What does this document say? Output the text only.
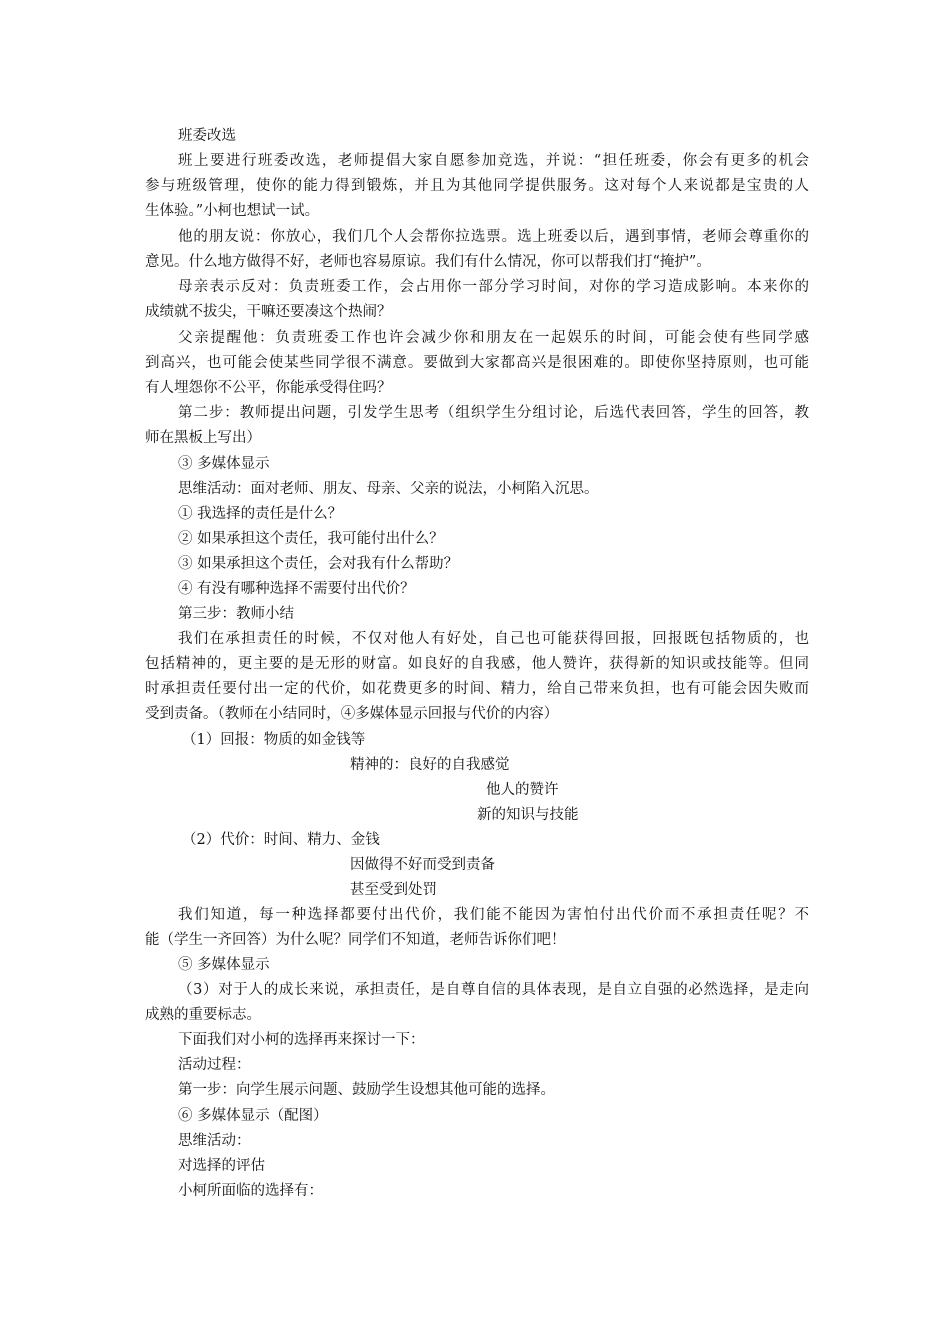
班委改选
班上要进行班委改选，老师提倡大家自愿参加竞选，并说：“担任班委，你会有更多的机会
参与班级管理，使你的能力得到锻炼，并且为其他同学提供服务。这对每个人来说都是宝贵的人
生体验。”小柯也想试一试。
他的朋友说：你放心，我们几个人会帮你拉选票。选上班委以后，遇到事情，老师会尊重你的
意见。什么地方做得不好，老师也容易原谅。我们有什么情况，你可以帮我们打“掩护”。
母亲表示反对：负责班委工作，会占用你一部分学习时间，对你的学习造成影响。本来你的
成绩就不拔尖，干嘛还要凑这个热闹？
父亲提醒他：负责班委工作也许会减少你和朋友在一起娱乐的时间，可能会使有些同学感
到高兴，也可能会使某些同学很不满意。要做到大家都高兴是很困难的。即使你坚持原则，也可能
有人埋怨你不公平，你能承受得住吗？
第二步：教师提出问题，引发学生思考（组织学生分组讨论，后选代表回答，学生的回答，教
师在黑板上写出）
③ 多媒体显示
思维活动：面对老师、朋友、母亲、父亲的说法，小柯陷入沉思。
① 我选择的责任是什么？
② 如果承担这个责任，我可能付出什么？
③ 如果承担这个责任，会对我有什么帮助？
④ 有没有哪种选择不需要付出代价？
第三步：教师小结
我们在承担责任的时候，不仅对他人有好处，自己也可能获得回报，回报既包括物质的，也
包括精神的，更主要的是无形的财富。如良好的自我感，他人赞许，获得新的知识或技能等。但同
时承担责任要付出一定的代价，如花费更多的时间、精力，给自己带来负担，也有可能会因失败而
受到责备。（教师在小结同时，④多媒体显示回报与代价的内容）
（1）回报：物质的如金钱等
精神的：良好的自我感觉
他人的赞许
新的知识与技能
（2）代价：时间、精力、金钱
因做得不好而受到责备
甚至受到处罚
我们知道，每一种选择都要付出代价，我们能不能因为害怕付出代价而不承担责任呢？不
能（学生一齐回答）为什么呢？同学们不知道，老师告诉你们吧！
⑤ 多媒体显示
（3）对于人的成长来说，承担责任，是自尊自信的具体表现，是自立自强的必然选择，是走向
成熟的重要标志。
下面我们对小柯的选择再来探讨一下：
活动过程：
第一步：向学生展示问题、鼓励学生设想其他可能的选择。
⑥ 多媒体显示（配图）
思维活动：
对选择的评估
小柯所面临的选择有：
